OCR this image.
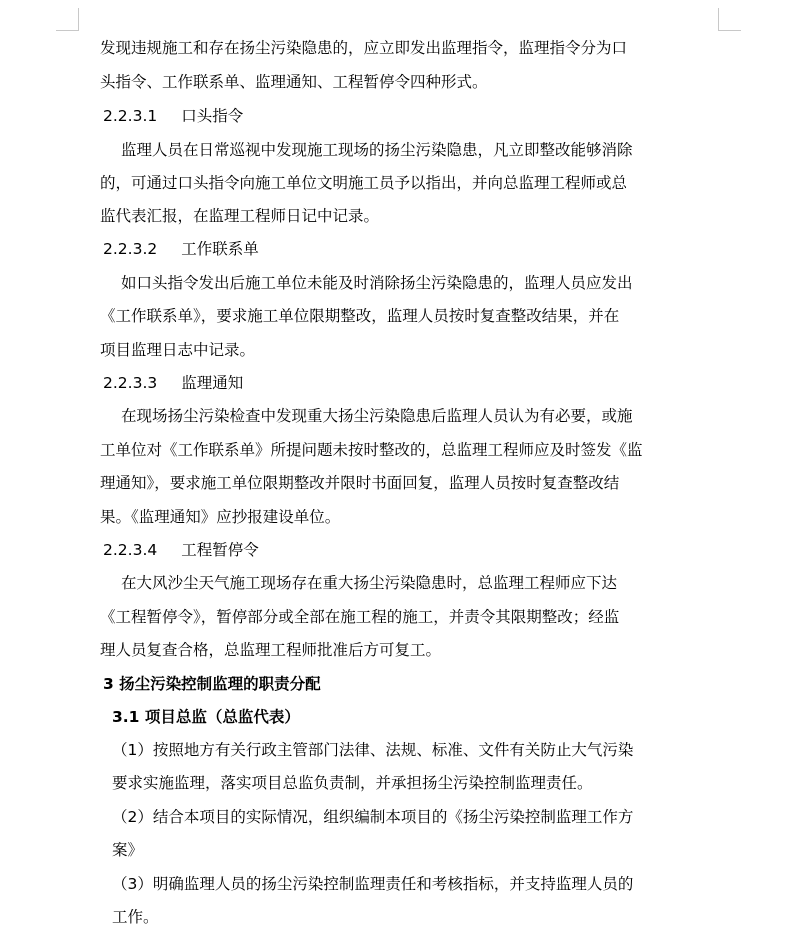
发现违规施工和存在扬尘污染隐患的，应立即发出监理指令，监理指令分为口
头指令、工作联系单、监理通知、工程暂停令四种形式。
2.2.3.1 口头指令
监理人员在日常巡视中发现施工现场的扬尘污染隐患，凡立即整改能够消除
的，可通过口头指令向施工单位文明施工员予以指出，并向总监理工程师或总
监代表汇报，在监理工程师日记中记录。
2.2.3.2 工作联系单
如口头指令发出后施工单位未能及时消除扬尘污染隐患的，监理人员应发出
《工作联系单》，要求施工单位限期整改，监理人员按时复查整改结果，并在
项目监理日志中记录。
2.2.3.3 监理通知
在现场扬尘污染检查中发现重大扬尘污染隐患后监理人员认为有必要，或施
工单位对《工作联系单》所提问题未按时整改的，总监理工程师应及时签发《监
理通知》，要求施工单位限期整改并限时书面回复，监理人员按时复查整改结
果。《监理通知》应抄报建设单位。
2.2.3.4 工程暂停令
在大风沙尘天气施工现场存在重大扬尘污染隐患时，总监理工程师应下达
《工程暂停令》，暂停部分或全部在施工程的施工，并责令其限期整改；经监
理人员复查合格，总监理工程师批准后方可复工。
3 扬尘污染控制监理的职责分配
3.1 项目总监（总监代表）
（1）按照地方有关行政主管部门法律、法规、标准、文件有关防止大气污染
要求实施监理，落实项目总监负责制，并承担扬尘污染控制监理责任。
（2）结合本项目的实际情况，组织编制本项目的《扬尘污染控制监理工作方
案》
（3）明确监理人员的扬尘污染控制监理责任和考核指标，并支持监理人员的
工作。
